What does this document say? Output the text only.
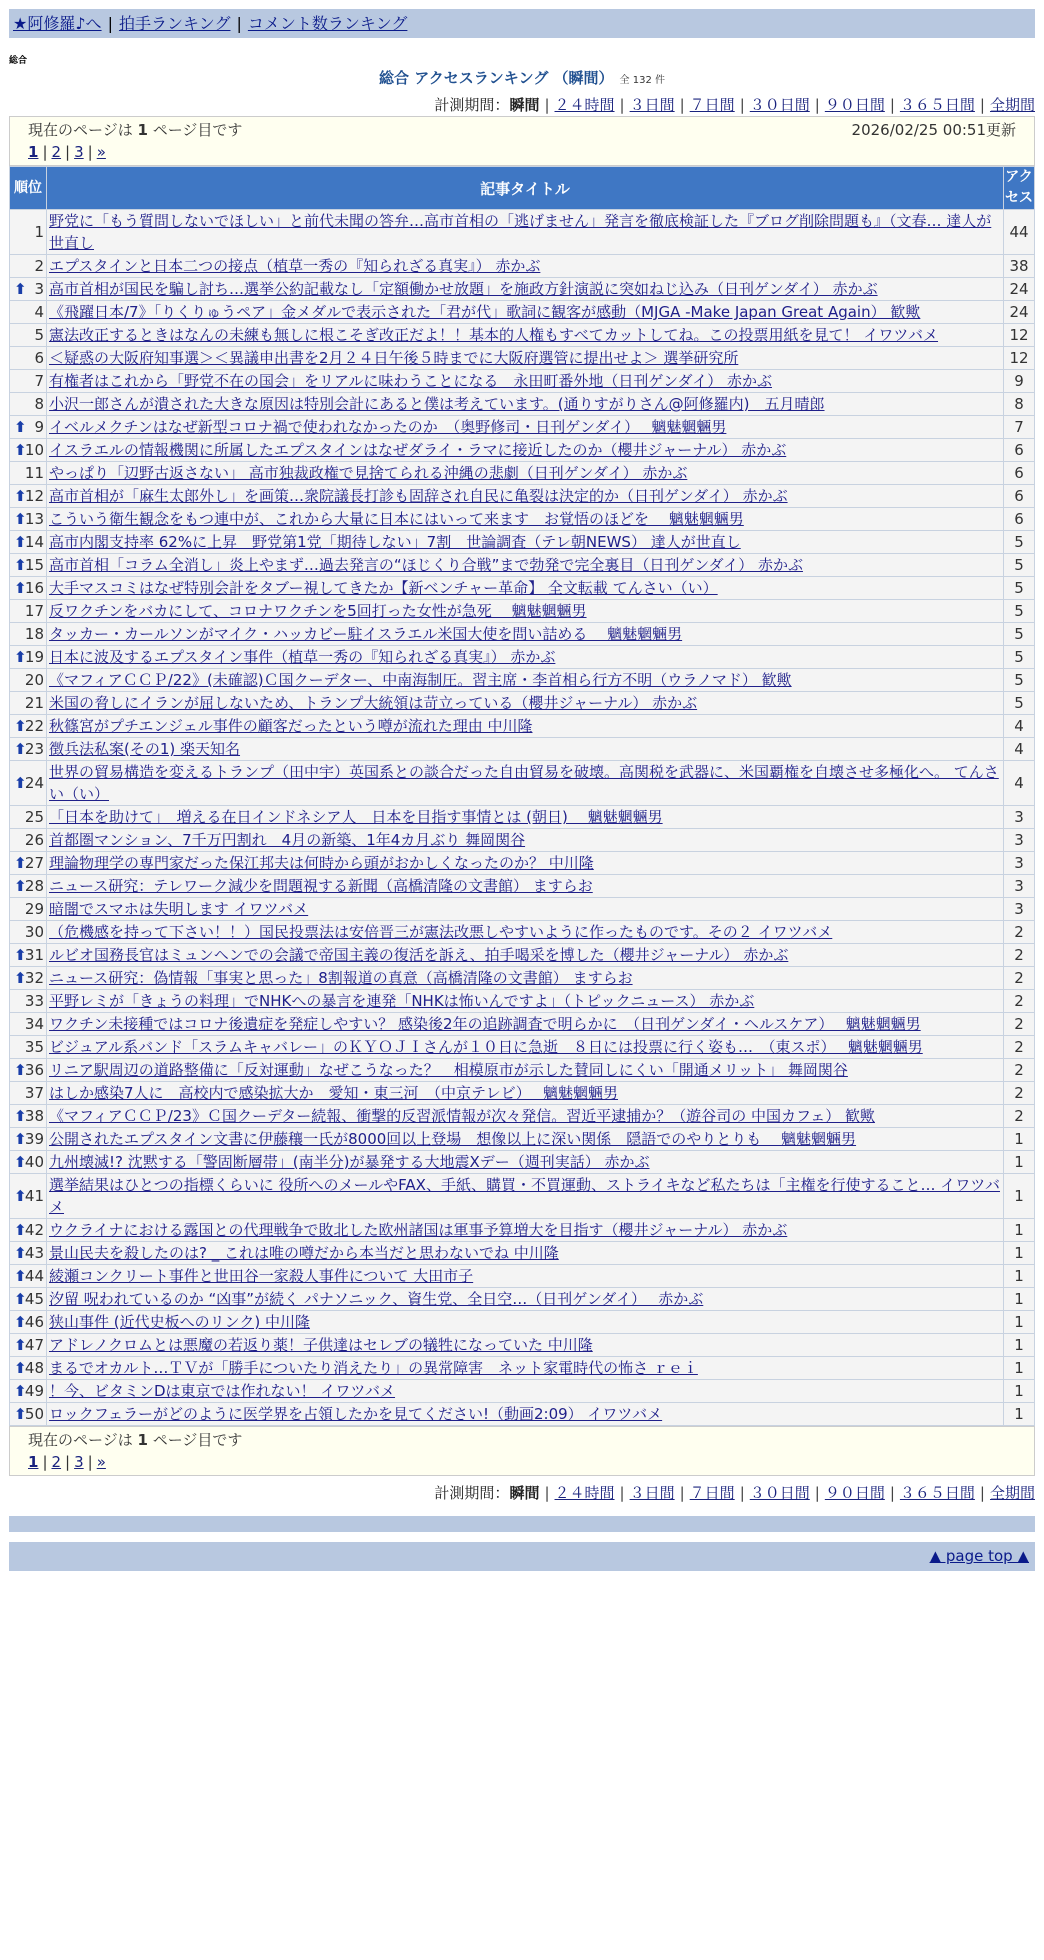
★阿修羅♪へ | 拍手ランキング | コメント数ランキング
総合
総合 アクセスランキング （瞬間） 全 132 件
計測期間：瞬間 | ２４時間 | ３日間 | ７日間 | ３０日間 | ９０日間 | ３６５日間 | 全期間
現在のページは 1 ページ目です	2026/02/25 00:51更新
1 | 2 | 3 | »
順位	記事タイトル	アクセス
1	野党に「もう質問しないでほしい」と前代未聞の答弁…高市首相の「逃げません」発言を徹底検証した『ブログ削除問題も』（文春… 達人が世直し	44
2	エプスタインと日本二つの接点（植草一秀の『知られざる真実』） 赤かぶ	38

⬆ 3	高市首相が国民を騙し討ち…選挙公約記載なし「定額働かせ放題」を施政方針演説に突如ねじ込み（日刊ゲンダイ） 赤かぶ	24
4	《飛躍日本/7》「りくりゅうペア」金メダルで表示された「君が代」歌詞に観客が感動（MJGA -Make Japan Great Again） 歓歟	24
5	憲法改正するときはなんの未練も無しに根こそぎ改正だよ！！基本的人権もすべてカットしてね。この投票用紙を見て！ イワツバメ	12
6	＜疑惑の大阪府知事選＞＜異議申出書を2月２４日午後５時までに大阪府選管に提出せよ＞ 選挙研究所	12
7	有権者はこれから「野党不在の国会」をリアルに味わうことになる　永田町番外地（日刊ゲンダイ） 赤かぶ	9
8	小沢一郎さんが潰された大きな原因は特別会計にあると僕は考えています。(通りすがりさん@阿修羅内)　五月晴郎	8

⬆ 9	イベルメクチンはなぜ新型コロナ禍で使われなかったのか　（奥野修司・日刊ゲンダイ）　 魑魅魍魎男	7

⬆
10	イスラエルの情報機関に所属したエプスタインはなぜダライ・ラマに接近したのか（櫻井ジャーナル） 赤かぶ	6
11	やっぱり「辺野古返さない」 高市独裁政権で見捨てられる沖縄の悲劇（日刊ゲンダイ） 赤かぶ	6

⬆
12	高市首相が「麻生太郎外し」を画策…衆院議長打診も固辞され自民に亀裂は決定的か（日刊ゲンダイ） 赤かぶ	6

⬆
13	こういう衛生観念をもつ連中が、これから大量に日本にはいって来ます　お覚悟のほどを　 魑魅魍魎男	6

⬆
14	高市内閣支持率 62%に上昇　野党第1党「期待しない」7割　世論調査（テレ朝NEWS） 達人が世直し	5

⬆
15	高市首相「コラム全消し」炎上やまず…過去発言の“ほじくり合戦”まで勃発で完全裏目（日刊ゲンダイ） 赤かぶ	5

⬆
16	大手マスコミはなぜ特別会計をタブー視してきたか【新ベンチャー革命】 全文転載 てんさい（い）	5
17	反ワクチンをバカにして、コロナワクチンを5回打った女性が急死　 魑魅魍魎男	5
18	タッカー・カールソンがマイク・ハッカビー駐イスラエル米国大使を問い詰める　 魑魅魍魎男	5

⬆
19	日本に波及するエプスタイン事件（植草一秀の『知られざる真実』） 赤かぶ	5
20	《マフィアＣＣＰ/22》(未確認)Ｃ国クーデター、中南海制圧。習主席・李首相ら行方不明（ウラノマド） 歓歟	5
21	米国の脅しにイランが屈しないため、トランプ大統領は苛立っている（櫻井ジャーナル） 赤かぶ	5

⬆
22	秋篠宮がプチエンジェル事件の顧客だったという噂が流れた理由 中川隆	4

⬆
23	徴兵法私案(その1) 楽天知名	4

⬆
24	世界の貿易構造を変えるトランプ（田中宇）英国系との談合だった自由貿易を破壊。高関税を武器に、米国覇権を自壊させ多極化へ。 てんさい（い）	4
25	「日本を助けて」　増える在日インドネシア人　日本を目指す事情とは (朝日)　 魑魅魍魎男	3
26	首都圏マンション、7千万円割れ　4月の新築、1年4カ月ぶり 舞岡関谷	3

⬆
27	理論物理学の専門家だった保江邦夫は何時から頭がおかしくなったのか？ 中川隆	3

⬆
28	ニュース研究：テレワーク減少を問題視する新聞（高橋清隆の文書館） ますらお	3
29	暗闇でスマホは失明します イワツバメ	3
30	（危機感を持って下さい！！）国民投票法は安倍晋三が憲法改悪しやすいように作ったものです。その２ イワツバメ	2

⬆
31	ルビオ国務長官はミュンヘンでの会議で帝国主義の復活を訴え、拍手喝采を博した（櫻井ジャーナル） 赤かぶ	2

⬆
32	ニュース研究：偽情報「事実と思った」8割報道の真意（高橋清隆の文書館） ますらお	2
33	平野レミが「きょうの料理」でNHKへの暴言を連発「NHKは怖いんですよ」（トピックニュース） 赤かぶ	2
34	ワクチン未接種ではコロナ後遺症を発症しやすい？ 感染後2年の追跡調査で明らかに　（日刊ゲンダイ・ヘルスケア）　 魑魅魍魎男	2
35	ビジュアル系バンド「スラムキャバレー」のＫＹＯＪＩさんが１０日に急逝　８日には投票に行く姿も…　（東スポ）　 魑魅魍魎男	2

⬆
36	リニア駅周辺の道路整備に「反対運動」なぜこうなった？　相模原市が示した賛同しにくい「開通メリット」 舞岡関谷	2
37	はしか感染7人に　高校内で感染拡大か　愛知・東三河　（中京テレビ）　 魑魅魍魎男	2

⬆
38	《マフィアＣＣＰ/23》Ｃ国クーデター続報、衝撃的反習派情報が次々発信。習近平逮捕か？（遊谷司の 中国カフェ） 歓歟	2

⬆
39	公開されたエプスタイン文書に伊藤穰一氏が8000回以上登場　想像以上に深い関係　隠語でのやりとりも　 魑魅魍魎男	1

⬆
40	九州壊滅!? 沈黙する「警固断層帯」(南半分)が暴発する大地震Xデー（週刊実話） 赤かぶ	1

⬆
41	選挙結果はひとつの指標くらいに 役所へのメールやFAX、手紙、購買・不買運動、ストライキなど私たちは「主権を行使すること… イワツバメ	1

⬆
42	ウクライナにおける露国との代理戦争で敗北した欧州諸国は軍事予算増大を目指す（櫻井ジャーナル） 赤かぶ	1

⬆
43	景山民夫を殺したのは? _ これは唯の噂だから本当だと思わないでね 中川隆	1

⬆
44	綾瀬コンクリート事件と世田谷一家殺人事件について 大田市子	1

⬆
45	汐留 呪われているのか “凶事”が続く パナソニック、資生党、全日空…（日刊ゲンダイ）　 赤かぶ	1

⬆
46	狭山事件 (近代史板へのリンク) 中川隆	1

⬆
47	アドレノクロムとは悪魔の若返り薬！子供達はセレブの犠牲になっていた 中川隆	1

⬆
48	まるでオカルト…ＴＶが「勝手についたり消えたり」の異常障害　ネット家電時代の怖さ ｒｅｉ	1

⬆
49	！今、ビタミンDは東京では作れない！ イワツバメ	1

⬆
50	ロックフェラーがどのように医学界を占領したかを見てください!（動画2:09） イワツバメ	1
現在のページは 1 ページ目です
1 | 2 | 3 | »
計測期間：瞬間 | ２４時間 | ３日間 | ７日間 | ３０日間 | ９０日間 | ３６５日間 | 全期間
▲ page top ▲
